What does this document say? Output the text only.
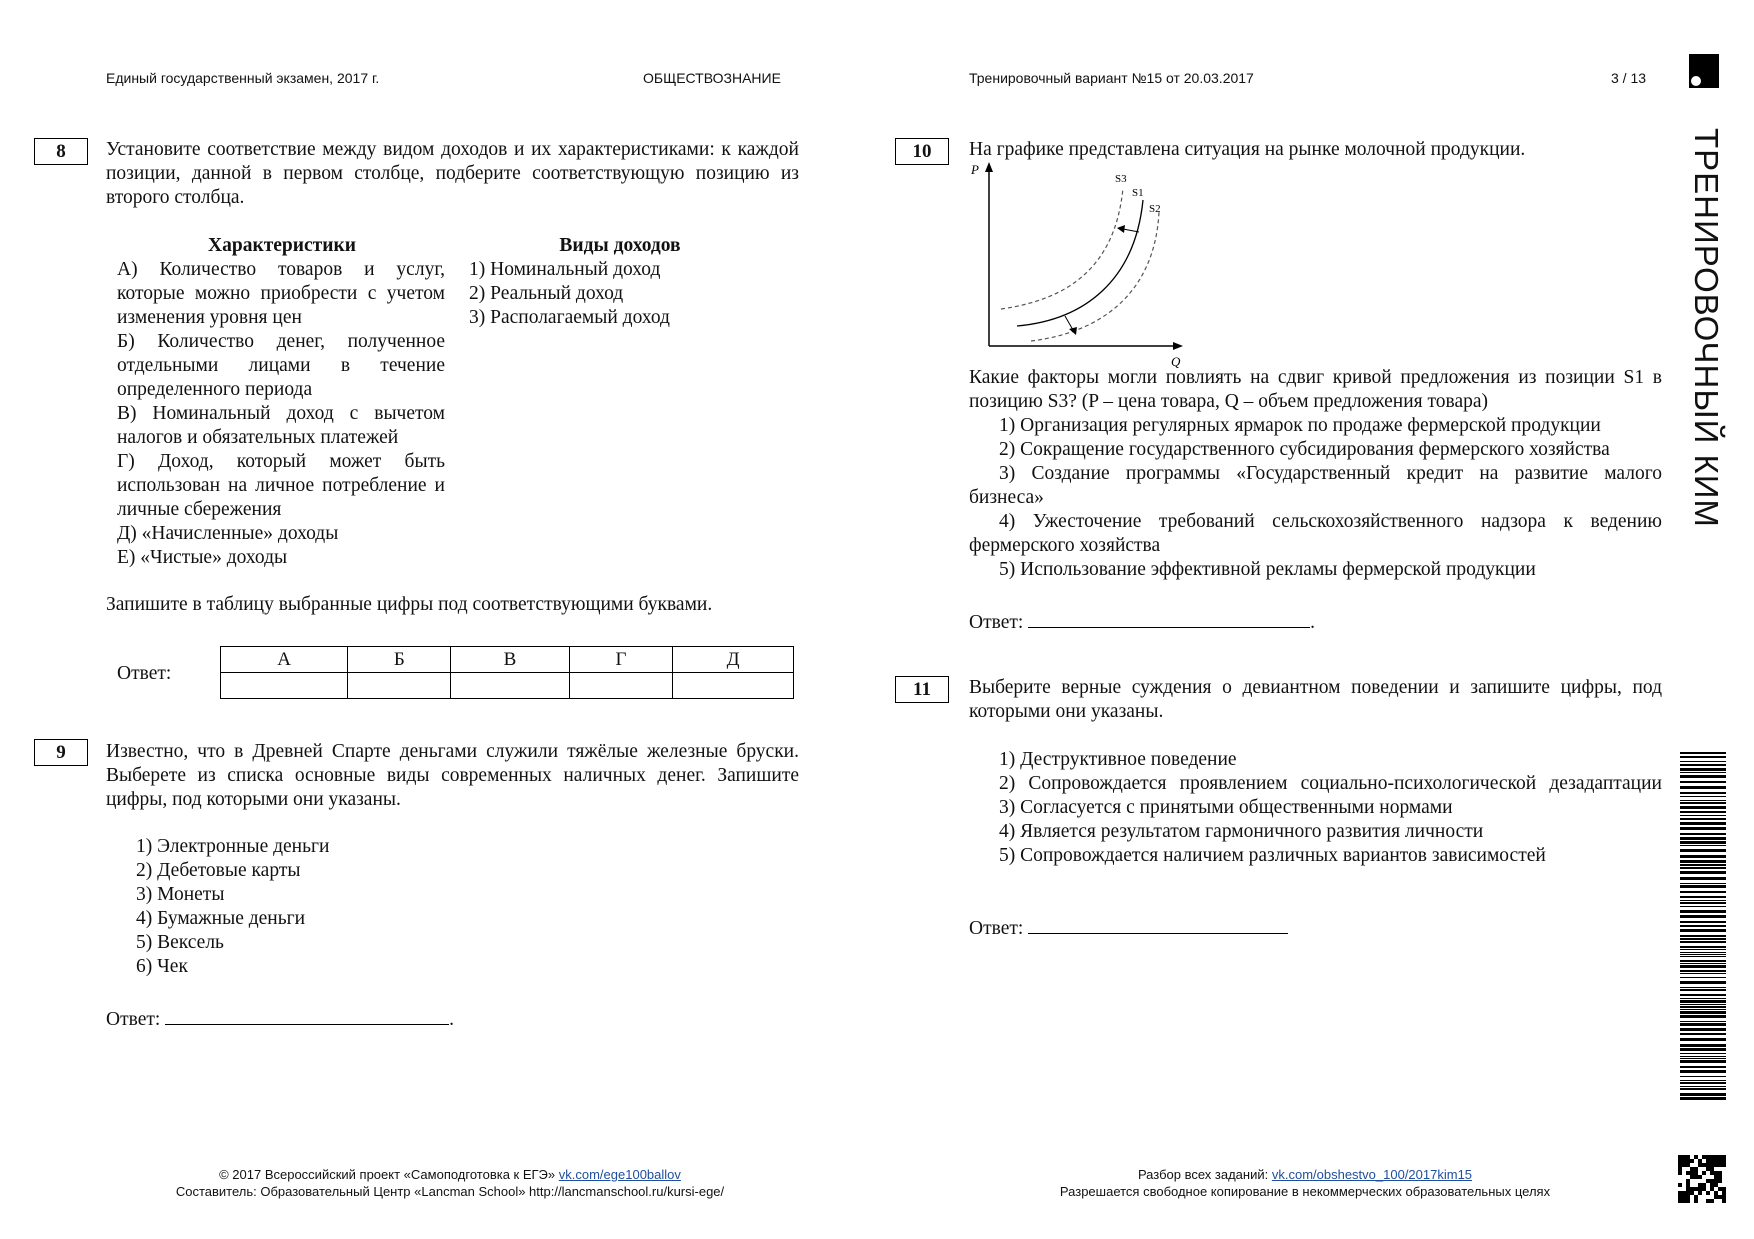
Единый государственный экзамен, 2017 г.	ОБЩЕСТВОЗНАНИЕ	Тренировочный вариант №15 от 20.03.2017	3 / 13
ТРЕНИРОВОЧНЫЙ КИМ
8	Установите соответствие между видом доходов и их характеристиками: к каждой позиции, данной в первом столбце, подберите соответствующую позицию из второго столбца.
Характеристики	Виды доходов
А) Количество товаров и услуг, которые можно приобрести с учетом изменения уровня цен
Б) Количество денег, полученное отдельными лицами в течение определенного периода
В) Номинальный доход с вычетом налогов и обязательных платежей
Г) Доход, который может быть использован на личное потребление и личные сбережения
Д) «Начисленные» доходы
Е) «Чистые» доходы
1) Номинальный доход
2) Реальный доход
3) Располагаемый доход
Запишите в таблицу выбранные цифры под соответствующими буквами.
Ответ:
А	Б	В	Г	Д

9	Известно, что в Древней Спарте деньгами служили тяжёлые железные бруски. Выберете из списка основные виды современных наличных денег. Запишите цифры, под которыми они указаны.
1) Электронные деньги
2) Дебетовые карты
3) Монеты
4) Бумажные деньги
5) Вексель
6) Чек
Ответ:	.
10	На графике представлена ситуация на рынке молочной продукции.
P
Q
S3
S1
S2
Какие факторы могли повлиять на сдвиг кривой предложения из позиции S1 в позицию S3? (P – цена товара, Q – объем предложения товара)
1) Организация регулярных ярмарок по продаже фермерской продукции
2) Сокращение государственного субсидирования фермерского хозяйства
3) Создание программы «Государственный кредит на развитие малого бизнеса»
4) Ужесточение требований сельскохозяйственного надзора к ведению фермерского хозяйства
5) Использование эффективной рекламы фермерской продукции
Ответ:	.
11	Выберите верные суждения о девиантном поведении и запишите цифры, под которыми они указаны.
1) Деструктивное поведение
2) Сопровождается проявлением социально-психологической дезадаптации
3) Согласуется с принятыми общественными нормами
4) Является результатом гармоничного развития личности
5) Сопровождается наличием различных вариантов зависимостей
Ответ:
© 2017 Всероссийский проект «Самоподготовка к ЕГЭ» vk.com/ege100ballov
Составитель: Образовательный Центр «Lancman School» http://lancmanschool.ru/kursi-ege/
Разбор всех заданий: vk.com/obshestvo_100/2017kim15
Разрешается свободное копирование в некоммерческих образовательных целях
